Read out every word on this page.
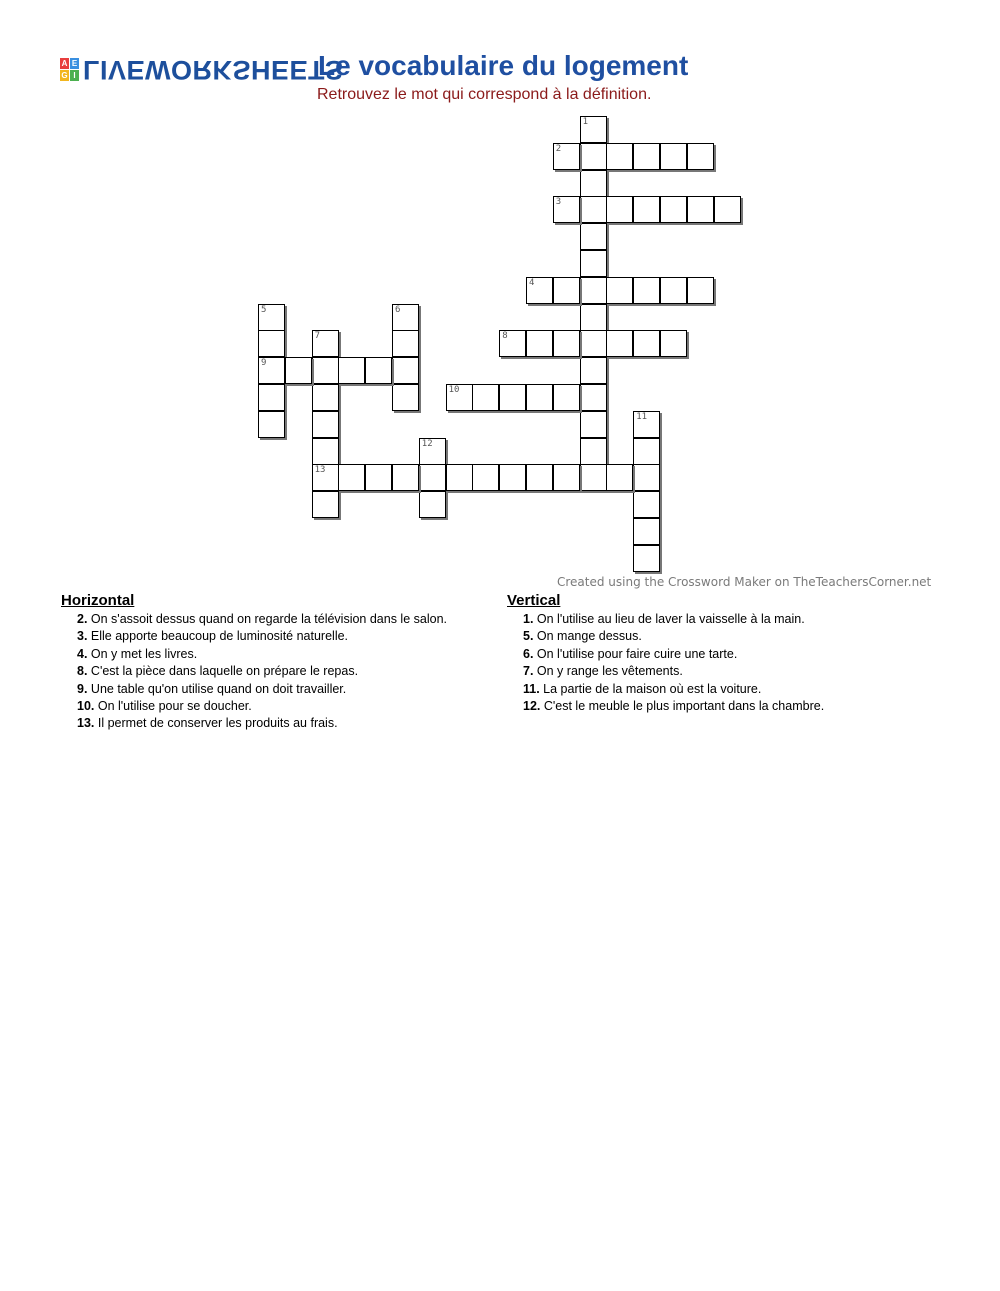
A E
G I LIVEWORKSHEETS
Le vocabulaire du logement
Retrouvez le mot qui correspond à la définition.
1
2
3
4
5
9
6
7
13
8
10
11
12
Created using the Crossword Maker on TheTeachersCorner.net
Horizontal
2. On s'assoit dessus quand on regarde la télévision dans le salon.
3. Elle apporte beaucoup de luminosité naturelle.
4. On y met les livres.
8. C'est la pièce dans laquelle on prépare le repas.
9. Une table qu'on utilise quand on doit travailler.
10. On l'utilise pour se doucher.
13. Il permet de conserver les produits au frais.
Vertical
1. On l'utilise au lieu de laver la vaisselle à la main.
5. On mange dessus.
6. On l'utilise pour faire cuire une tarte.
7. On y range les vêtements.
11. La partie de la maison où est la voiture.
12. C'est le meuble le plus important dans la chambre.
